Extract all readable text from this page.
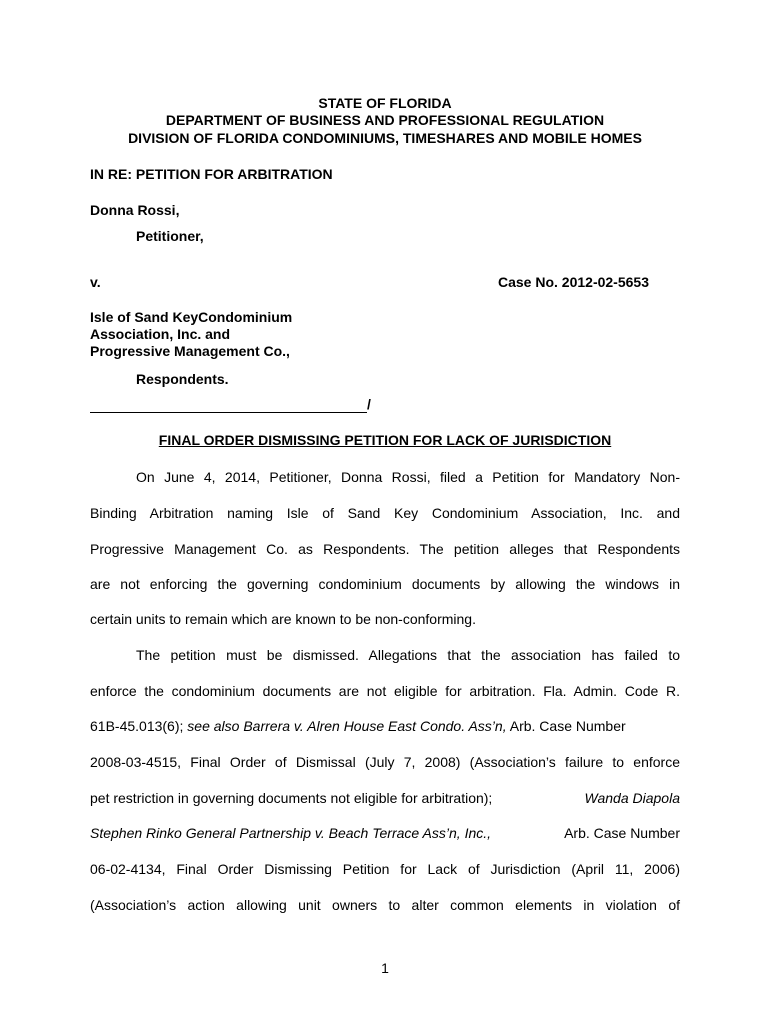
STATE OF FLORIDA
DEPARTMENT OF BUSINESS AND PROFESSIONAL REGULATION
DIVISION OF FLORIDA CONDOMINIUMS, TIMESHARES AND MOBILE HOMES
IN RE: PETITION FOR ARBITRATION
Donna Rossi,
Petitioner,
v.	Case No. 2012-02-5653
Isle of Sand KeyCondominium
Association, Inc. and
Progressive Management Co.,
Respondents.
/
FINAL ORDER DISMISSING PETITION FOR LACK OF JURISDICTION
On June 4, 2014, Petitioner, Donna Rossi, filed a Petition for Mandatory Non-
Binding Arbitration naming Isle of Sand Key Condominium Association, Inc. and
Progressive Management Co. as Respondents. The petition alleges that Respondents
are not enforcing the governing condominium documents by allowing the windows in
certain units to remain which are known to be non-conforming.
The petition must be dismissed. Allegations that the association has failed to
enforce the condominium documents are not eligible for arbitration. Fla. Admin. Code R.
61B-45.013(6); see also Barrera v. Alren House East Condo. Ass’n, Arb. Case Number
2008-03-4515, Final Order of Dismissal (July 7, 2008) (Association’s failure to enforce
pet restriction in governing documents not eligible for arbitration);	Wanda Diapola
Stephen Rinko General Partnership v. Beach Terrace Ass’n, Inc.,	Arb. Case Number
06-02-4134, Final Order Dismissing Petition for Lack of Jurisdiction (April 11, 2006)
(Association’s action allowing unit owners to alter common elements in violation of
1
